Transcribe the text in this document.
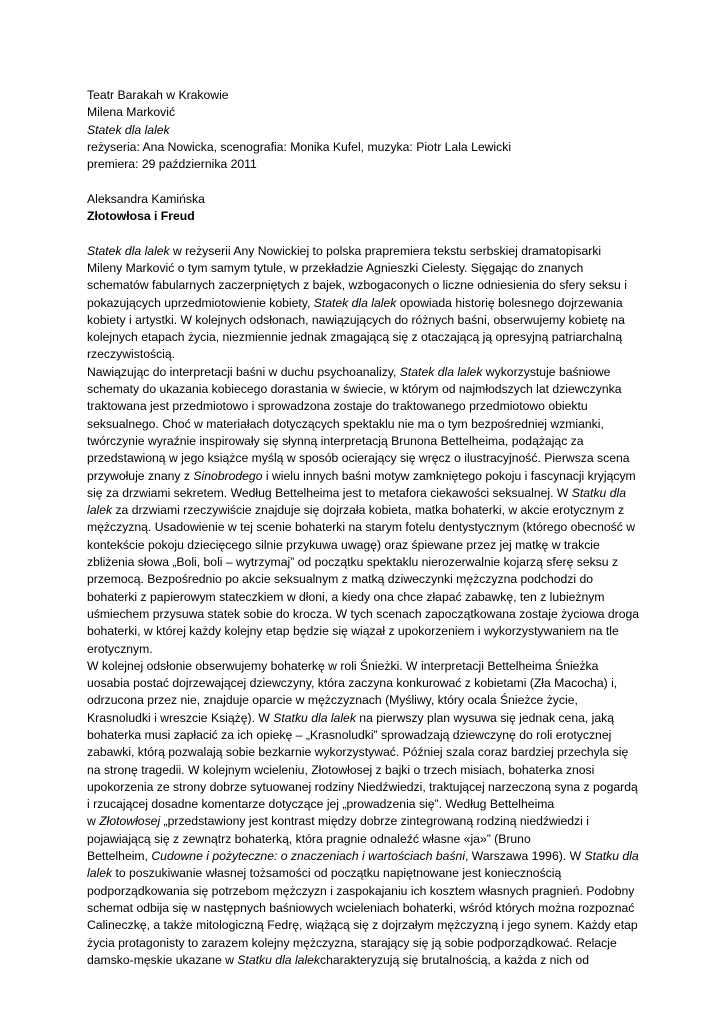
Teatr Barakah w Krakowie
Milena Marković
Statek dla lalek
reżyseria: Ana Nowicka, scenografia: Monika Kufel, muzyka: Piotr Lala Lewicki
premiera: 29 października 2011
Aleksandra Kamińska
Złotowłosa i Freud
Statek dla lalek w reżyserii Any Nowickiej to polska prapremiera tekstu serbskiej dramatopisarki
Mileny Marković o tym samym tytule, w przekładzie Agnieszki Cielesty. Sięgając do znanych
schematów fabularnych zaczerpniętych z bajek, wzbogaconych o liczne odniesienia do sfery seksu i
pokazujących uprzedmiotowienie kobiety, Statek dla lalek opowiada historię bolesnego dojrzewania
kobiety i artystki. W kolejnych odsłonach, nawiązujących do różnych baśni, obserwujemy kobietę na
kolejnych etapach życia, niezmiennie jednak zmagającą się z otaczającą ją opresyjną patriarchalną
rzeczywistością.
Nawiązując do interpretacji baśni w duchu psychoanalizy, Statek dla lalek wykorzystuje baśniowe
schematy do ukazania kobiecego dorastania w świecie, w którym od najmłodszych lat dziewczynka
traktowana jest przedmiotowo i sprowadzona zostaje do traktowanego przedmiotowo obiektu
seksualnego. Choć w materiałach dotyczących spektaklu nie ma o tym bezpośredniej wzmianki,
twórczynie wyraźnie inspirowały się słynną interpretacją Brunona Bettelheima, podążając za
przedstawioną w jego książce myślą w sposób ocierający się wręcz o ilustracyjność. Pierwsza scena
przywołuje znany z Sinobrodego i wielu innych baśni motyw zamkniętego pokoju i fascynacji kryjącym
się za drzwiami sekretem. Według Bettelheima jest to metafora ciekawości seksualnej. W Statku dla
lalek za drzwiami rzeczywiście znajduje się dojrzała kobieta, matka bohaterki, w akcie erotycznym z
mężczyzną. Usadowienie w tej scenie bohaterki na starym fotelu dentystycznym (którego obecność w
kontekście pokoju dziecięcego silnie przykuwa uwagę) oraz śpiewane przez jej matkę w trakcie
zbliżenia słowa „Boli, boli – wytrzymaj” od początku spektaklu nierozerwalnie kojarzą sferę seksu z
przemocą. Bezpośrednio po akcie seksualnym z matką dziweczynki mężczyzna podchodzi do
bohaterki z papierowym stateczkiem w dłoni, a kiedy ona chce złapać zabawkę, ten z lubieżnym
uśmiechem przysuwa statek sobie do krocza. W tych scenach zapoczątkowana zostaje życiowa droga
bohaterki, w której każdy kolejny etap będzie się wiązał z upokorzeniem i wykorzystywaniem na tle
erotycznym.
W kolejnej odsłonie obserwujemy bohaterkę w roli Śnieżki. W interpretacji Bettelheima Śnieżka
uosabia postać dojrzewającej dziewczyny, która zaczyna konkurować z kobietami (Zła Macocha) i,
odrzucona przez nie, znajduje oparcie w mężczyznach (Myśliwy, który ocala Śnieżce życie,
Krasnoludki i wreszcie Książę). W Statku dla lalek na pierwszy plan wysuwa się jednak cena, jaką
bohaterka musi zapłacić za ich opiekę – „Krasnoludki” sprowadzają dziewczynę do roli erotycznej
zabawki, którą pozwalają sobie bezkarnie wykorzystywać. Później szala coraz bardziej przechyla się
na stronę tragedii. W kolejnym wcieleniu, Złotowłosej z bajki o trzech misiach, bohaterka znosi
upokorzenia ze strony dobrze sytuowanej rodziny Niedźwiedzi, traktującej narzeczoną syna z pogardą
i rzucającej dosadne komentarze dotyczące jej „prowadzenia się”. Według Bettelheima
w Złotowłosej „przedstawiony jest kontrast między dobrze zintegrowaną rodziną niedźwiedzi i
pojawiającą się z zewnątrz bohaterką, która pragnie odnaleźć własne «ja»” (Bruno
Bettelheim, Cudowne i pożyteczne: o znaczeniach i wartościach baśni, Warszawa 1996). W Statku dla
lalek to poszukiwanie własnej tożsamości od początku napiętnowane jest koniecznością
podporządkowania się potrzebom mężczyzn i zaspokajaniu ich kosztem własnych pragnień. Podobny
schemat odbija się w następnych baśniowych wcieleniach bohaterki, wśród których można rozpoznać
Calineczkę, a także mitologiczną Fedrę, wiążącą się z dojrzałym mężczyzną i jego synem. Każdy etap
życia protagonisty to zarazem kolejny mężczyzna, starający się ją sobie podporządkować. Relacje
damsko-męskie ukazane w Statku dla lalekcharakteryzują się brutalnością, a każda z nich od
